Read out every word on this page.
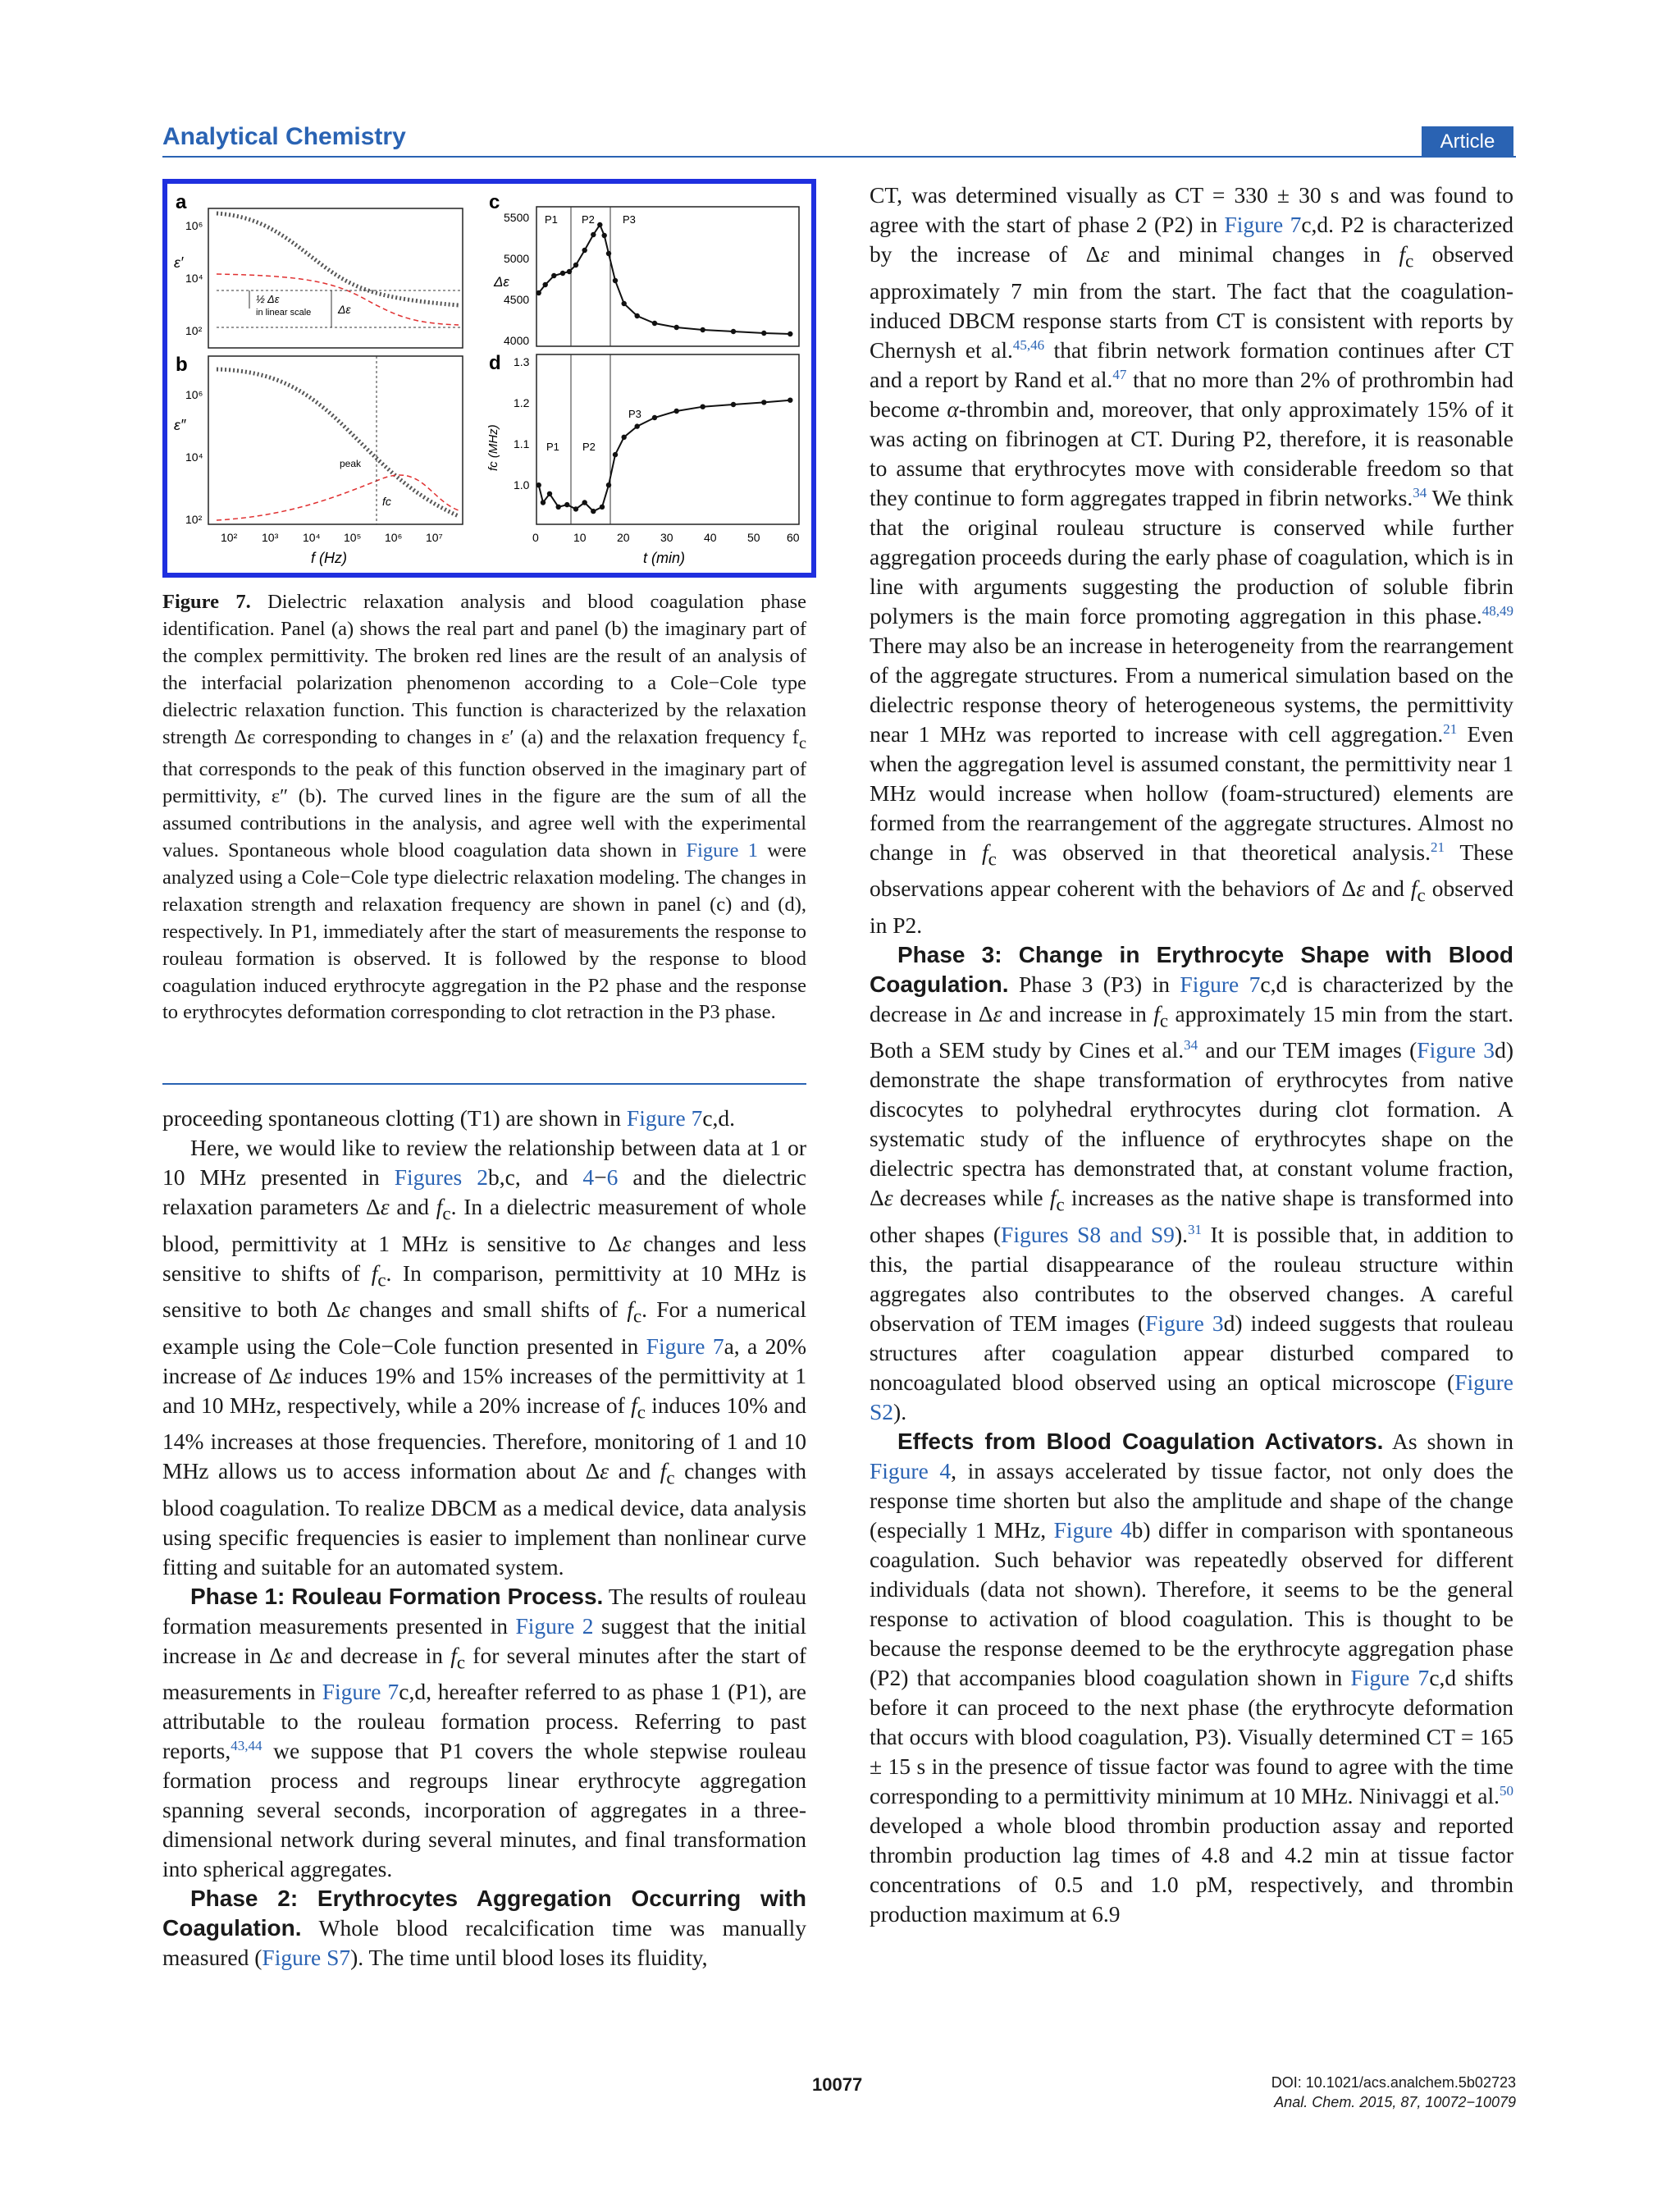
Analytical Chemistry	Article
a
ε′
10⁶
10⁴
10²
½ Δε
in linear scale Δε
b
ε″
10⁶
10⁴
10²
peak
fc
10² 10³ 10⁴ 10⁵ 10⁶ 10⁷
f (Hz)
c
Δε
5500
5000
4500
4000
P1 P2	P3
d
fc (MHz)
1.3
1.2
1.1
1.0
P1 P2
P3
0	10	20	30	40	50 60
t (min)
Figure 7. Dielectric relaxation analysis and blood coagulation phase identification. Panel (a) shows the real part and panel (b) the imaginary part of the complex permittivity. The broken red lines are the result of an analysis of the interfacial polarization phenomenon according to a Cole−Cole type dielectric relaxation function. This function is characterized by the relaxation strength Δε corresponding to changes in ε′ (a) and the relaxation frequency $f_c$ that corresponds to the peak of this function observed in the imaginary part of permittivity, ε″ (b). The curved lines in the figure are the sum of all the assumed contributions in the analysis, and agree well with the experimental values. Spontaneous whole blood coagulation data shown in Figure 1 were analyzed using a Cole−Cole type dielectric relaxation modeling. The changes in relaxation strength and relaxation frequency are shown in panel (c) and (d), respectively. In P1, immediately after the start of measurements the response to rouleau formation is observed. It is followed by the response to blood coagulation induced erythrocyte aggregation in the P2 phase and the response to erythrocytes deformation corresponding to clot retraction in the P3 phase.

proceeding spontaneous clotting (T1) are shown in Figure 7c,d.

Here, we would like to review the relationship between data at 1 or 10 MHz presented in Figures 2b,c, and 4−6 and the dielectric relaxation parameters Δε and $f_c$. In a dielectric measurement of whole blood, permittivity at 1 MHz is sensitive to Δε changes and less sensitive to shifts of $f_c$. In comparison, permittivity at 10 MHz is sensitive to both Δε changes and small shifts of $f_c$. For a numerical example using the Cole−Cole function presented in Figure 7a, a 20% increase of Δε induces 19% and 15% increases of the permittivity at 1 and 10 MHz, respectively, while a 20% increase of $f_c$ induces 10% and 14% increases at those frequencies. Therefore, monitoring of 1 and 10 MHz allows us to access information about Δε and $f_c$ changes with blood coagulation. To realize DBCM as a medical device, data analysis using specific frequencies is easier to implement than nonlinear curve fitting and suitable for an automated system.

Phase 1: Rouleau Formation Process. The results of rouleau formation measurements presented in Figure 2 suggest that the initial increase in Δε and decrease in $f_c$ for several minutes after the start of measurements in Figure 7c,d, hereafter referred to as phase 1 (P1), are attributable to the rouleau formation process. Referring to past reports,$^{43,44}$ we suppose that P1 covers the whole stepwise rouleau formation process and regroups linear erythrocyte aggregation spanning several seconds, incorporation of aggregates in a three-dimensional network during several minutes, and final transformation into spherical aggregates.

Phase 2: Erythrocytes Aggregation Occurring with Coagulation. Whole blood recalcification time was manually measured (Figure S7). The time until blood loses its fluidity,

CT, was determined visually as CT = 330 ± 30 s and was found to agree with the start of phase 2 (P2) in Figure 7c,d. P2 is characterized by the increase of Δε and minimal changes in $f_c$ observed approximately 7 min from the start. The fact that the coagulation-induced DBCM response starts from CT is consistent with reports by Chernysh et al.$^{45,46}$ that fibrin network formation continues after CT and a report by Rand et al.$^{47}$ that no more than 2% of prothrombin had become α-thrombin and, moreover, that only approximately 15% of it was acting on fibrinogen at CT. During P2, therefore, it is reasonable to assume that erythrocytes move with considerable freedom so that they continue to form aggregates trapped in fibrin networks.$^{34}$ We think that the original rouleau structure is conserved while further aggregation proceeds during the early phase of coagulation, which is in line with arguments suggesting the production of soluble fibrin polymers is the main force promoting aggregation in this phase.$^{48,49}$ There may also be an increase in heterogeneity from the rearrangement of the aggregate structures. From a numerical simulation based on the dielectric response theory of heterogeneous systems, the permittivity near 1 MHz was reported to increase with cell aggregation.$^{21}$ Even when the aggregation level is assumed constant, the permittivity near 1 MHz would increase when hollow (foam-structured) elements are formed from the rearrangement of the aggregate structures. Almost no change in $f_c$ was observed in that theoretical analysis.$^{21}$ These observations appear coherent with the behaviors of Δε and $f_c$ observed in P2.

Phase 3: Change in Erythrocyte Shape with Blood Coagulation. Phase 3 (P3) in Figure 7c,d is characterized by the decrease in Δε and increase in $f_c$ approximately 15 min from the start. Both a SEM study by Cines et al.$^{34}$ and our TEM images (Figure 3d) demonstrate the shape transformation of erythrocytes from native discocytes to polyhedral erythrocytes during clot formation. A systematic study of the influence of erythrocytes shape on the dielectric spectra has demonstrated that, at constant volume fraction, Δε decreases while $f_c$ increases as the native shape is transformed into other shapes (Figures S8 and S9).$^{31}$ It is possible that, in addition to this, the partial disappearance of the rouleau structure within aggregates also contributes to the observed changes. A careful observation of TEM images (Figure 3d) indeed suggests that rouleau structures after coagulation appear disturbed compared to noncoagulated blood observed using an optical microscope (Figure S2).

Effects from Blood Coagulation Activators. As shown in Figure 4, in assays accelerated by tissue factor, not only does the response time shorten but also the amplitude and shape of the change (especially 1 MHz, Figure 4b) differ in comparison with spontaneous coagulation. Such behavior was repeatedly observed for different individuals (data not shown). Therefore, it seems to be the general response to activation of blood coagulation. This is thought to be because the response deemed to be the erythrocyte aggregation phase (P2) that accompanies blood coagulation shown in Figure 7c,d shifts before it can proceed to the next phase (the erythrocyte deformation that occurs with blood coagulation, P3). Visually determined CT = 165 ± 15 s in the presence of tissue factor was found to agree with the time corresponding to a permittivity minimum at 10 MHz. Ninivaggi et al.$^{50}$ developed a whole blood thrombin production assay and reported thrombin production lag times of 4.8 and 4.2 min at tissue factor concentrations of 0.5 and 1.0 pM, respectively, and thrombin production maximum at 6.9

10077	DOI: 10.1021/acs.analchem.5b02723
Anal. Chem. 2015, 87, 10072−10079
